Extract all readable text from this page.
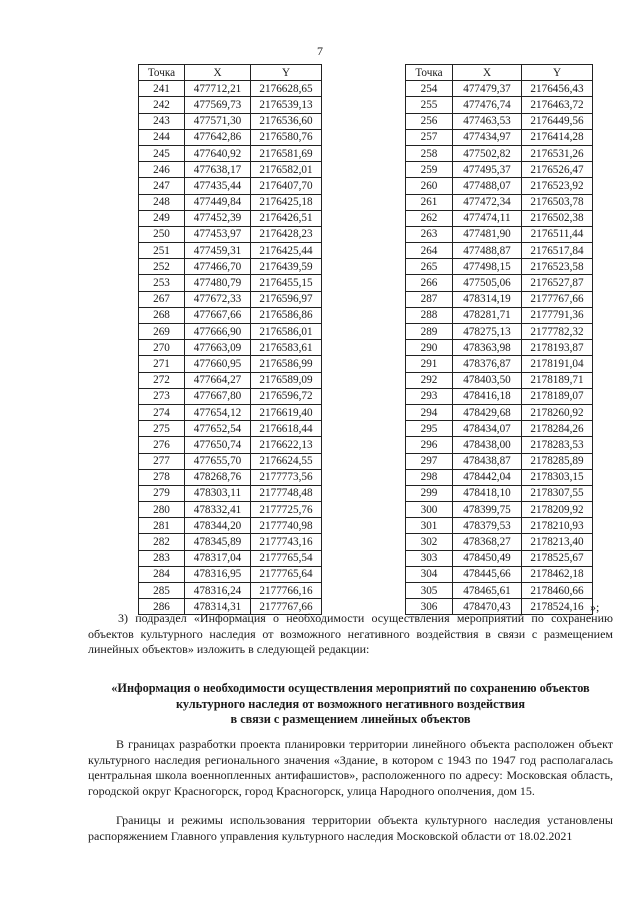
7
Точка	X	Y
241	477712,21	2176628,65
242	477569,73	2176539,13
243	477571,30	2176536,60
244	477642,86	2176580,76
245	477640,92	2176581,69
246	477638,17	2176582,01
247	477435,44	2176407,70
248	477449,84	2176425,18
249	477452,39	2176426,51
250	477453,97	2176428,23
251	477459,31	2176425,44
252	477466,70	2176439,59
253	477480,79	2176455,15
267	477672,33	2176596,97
268	477667,66	2176586,86
269	477666,90	2176586,01
270	477663,09	2176583,61
271	477660,95	2176586,99
272	477664,27	2176589,09
273	477667,80	2176596,72
274	477654,12	2176619,40
275	477652,54	2176618,44
276	477650,74	2176622,13
277	477655,70	2176624,55
278	478268,76	2177773,56
279	478303,11	2177748,48
280	478332,41	2177725,76
281	478344,20	2177740,98
282	478345,89	2177743,16
283	478317,04	2177765,54
284	478316,95	2177765,64
285	478316,24	2177766,16
286	478314,31	2177767,66
Точка	X	Y
254	477479,37	2176456,43
255	477476,74	2176463,72
256	477463,53	2176449,56
257	477434,97	2176414,28
258	477502,82	2176531,26
259	477495,37	2176526,47
260	477488,07	2176523,92
261	477472,34	2176503,78
262	477474,11	2176502,38
263	477481,90	2176511,44
264	477488,87	2176517,84
265	477498,15	2176523,58
266	477505,06	2176527,87
287	478314,19	2177767,66
288	478281,71	2177791,36
289	478275,13	2177782,32
290	478363,98	2178193,87
291	478376,87	2178191,04
292	478403,50	2178189,71
293	478416,18	2178189,07
294	478429,68	2178260,92
295	478434,07	2178284,26
296	478438,00	2178283,53
297	478438,87	2178285,89
298	478442,04	2178303,15
299	478418,10	2178307,55
300	478399,75	2178209,92
301	478379,53	2178210,93
302	478368,27	2178213,40
303	478450,49	2178525,67
304	478445,66	2178462,18
305	478465,61	2178460,66
306	478470,43	2178524,16 »;
3) подраздел «Информация о необходимости осуществления мероприятий по сохранению объектов культурного наследия от возможного негативного воздействия в связи с размещением линейных объектов» изложить в следующей редакции:
«Информация о необходимости осуществления мероприятий по сохранению объектов
культурного наследия от возможного негативного воздействия
в связи с размещением линейных объектов
В границах разработки проекта планировки территории линейного объекта расположен объект культурного наследия регионального значения «Здание, в котором с 1943 по 1947 год располагалась центральная школа военнопленных антифашистов», расположенного по адресу: Московская область, городской округ Красногорск, город Красногорск, улица Народного ополчения, дом 15.
Границы и режимы использования территории объекта культурного наследия установлены распоряжением Главного управления культурного наследия Московской области от 18.02.2021
